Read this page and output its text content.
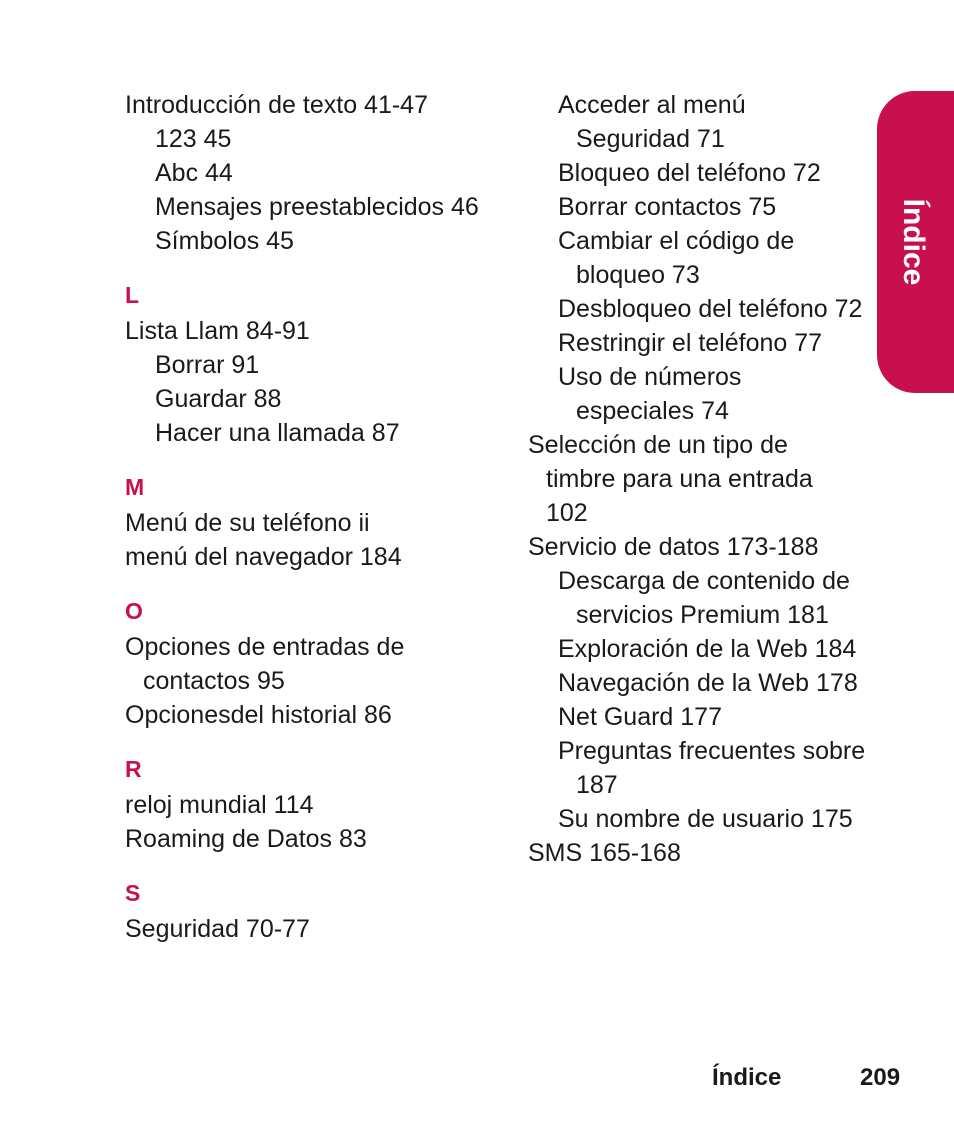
Introducción de texto 41-47
123 45
Abc 44
Mensajes preestablecidos 46
Símbolos 45
L
Lista Llam 84-91
Borrar 91
Guardar 88
Hacer una llamada 87
M
Menú de su teléfono ii
menú del navegador 184
O
Opciones de entradas de contactos 95
Opcionesdel historial 86
R
reloj mundial 114
Roaming de Datos 83
S
Seguridad 70-77
Acceder al menú Seguridad 71
Bloqueo del teléfono 72
Borrar contactos 75
Cambiar el código de bloqueo 73
Desbloqueo del teléfono 72
Restringir el teléfono 77
Uso de números especiales 74
Selección de un tipo de timbre para una entrada 102
Servicio de datos 173-188
Descarga de contenido de servicios Premium 181
Exploración de la Web 184
Navegación de la Web 178
Net Guard 177
Preguntas frecuentes sobre 187
Su nombre de usuario 175
SMS 165-168
Índice
Índice	209
